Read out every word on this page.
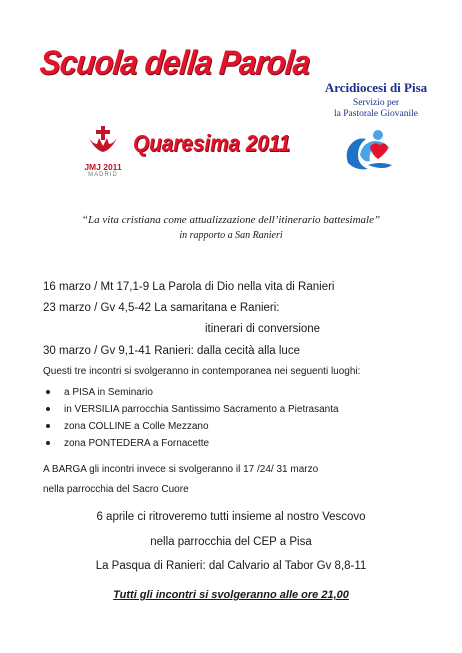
Scuola della Parola
Arcidiocesi di Pisa
Servizio per
la Pastorale Giovanile
JMJ 2011
MADRID
Quaresima 2011
“La vita cristiana come attualizzazione dell’itinerario battesimale”
in rapporto a San Ranieri
16 marzo / Mt 17,1-9 La Parola di Dio nella vita di Ranieri
23 marzo / Gv 4,5-42 La samaritana e Ranieri:
itinerari di conversione
30 marzo / Gv 9,1-41 Ranieri: dalla cecità alla luce
Questi tre incontri si svolgeranno in contemporanea nei seguenti luoghi:
a PISA in Seminario
in VERSILIA parrocchia Santissimo Sacramento a Pietrasanta
zona COLLINE a Colle Mezzano
zona PONTEDERA a Fornacette
A BARGA gli incontri invece si svolgeranno il 17 /24/ 31 marzo
nella parrocchia del Sacro Cuore
6 aprile ci ritroveremo tutti insieme al nostro Vescovo
nella parrocchia del CEP a Pisa
La Pasqua di Ranieri: dal Calvario al Tabor Gv 8,8-11
Tutti gli incontri si svolgeranno alle ore 21,00
